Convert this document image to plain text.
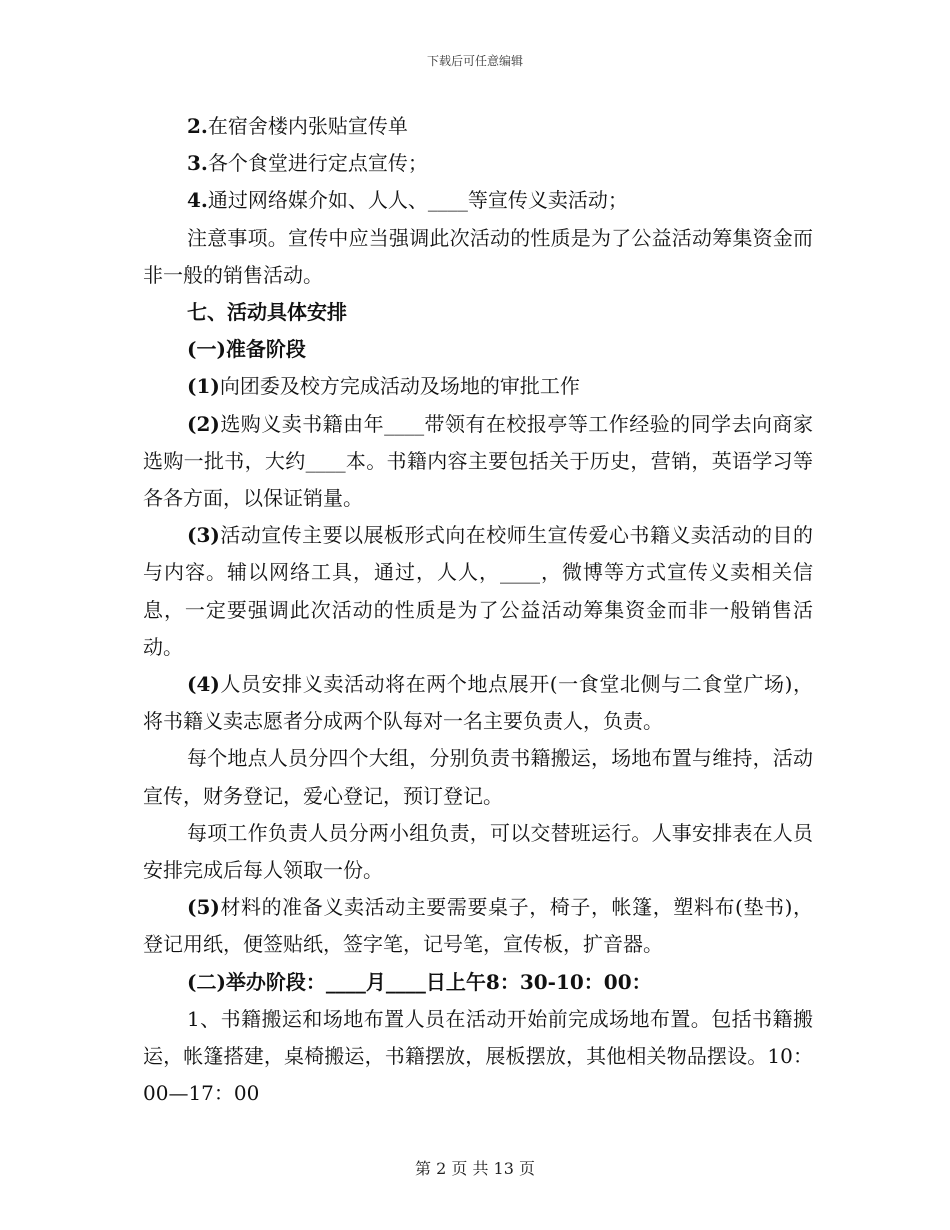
下载后可任意编辑

2.在宿舍楼内张贴宣传单

3.各个食堂进行定点宣传；

4.通过网络媒介如、人人、____等宣传义卖活动；

注意事项。宣传中应当强调此次活动的性质是为了公益活动筹集资金而非一般的销售活动。

七、活动具体安排

(一)准备阶段

(1)向团委及校方完成活动及场地的审批工作

(2)选购义卖书籍由年____带领有在校报亭等工作经验的同学去向商家选购一批书，大约____本。书籍内容主要包括关于历史，营销，英语学习等各各方面，以保证销量。

(3)活动宣传主要以展板形式向在校师生宣传爱心书籍义卖活动的目的与内容。辅以网络工具，通过，人人，____，微博等方式宣传义卖相关信息，一定要强调此次活动的性质是为了公益活动筹集资金而非一般销售活动。

(4)人员安排义卖活动将在两个地点展开(一食堂北侧与二食堂广场)，将书籍义卖志愿者分成两个队每对一名主要负责人，负责。

每个地点人员分四个大组，分别负责书籍搬运，场地布置与维持，活动宣传，财务登记，爱心登记，预订登记。

每项工作负责人员分两小组负责，可以交替班运行。人事安排表在人员安排完成后每人领取一份。

(5)材料的准备义卖活动主要需要桌子，椅子，帐篷，塑料布(垫书)，登记用纸，便签贴纸，签字笔，记号笔，宣传板，扩音器。

(二)举办阶段：____月____日上午8：30-10：00：

1、书籍搬运和场地布置人员在活动开始前完成场地布置。包括书籍搬运，帐篷搭建，桌椅搬运，书籍摆放，展板摆放，其他相关物品摆设。10：00—17：00

第 2 页 共 13 页
